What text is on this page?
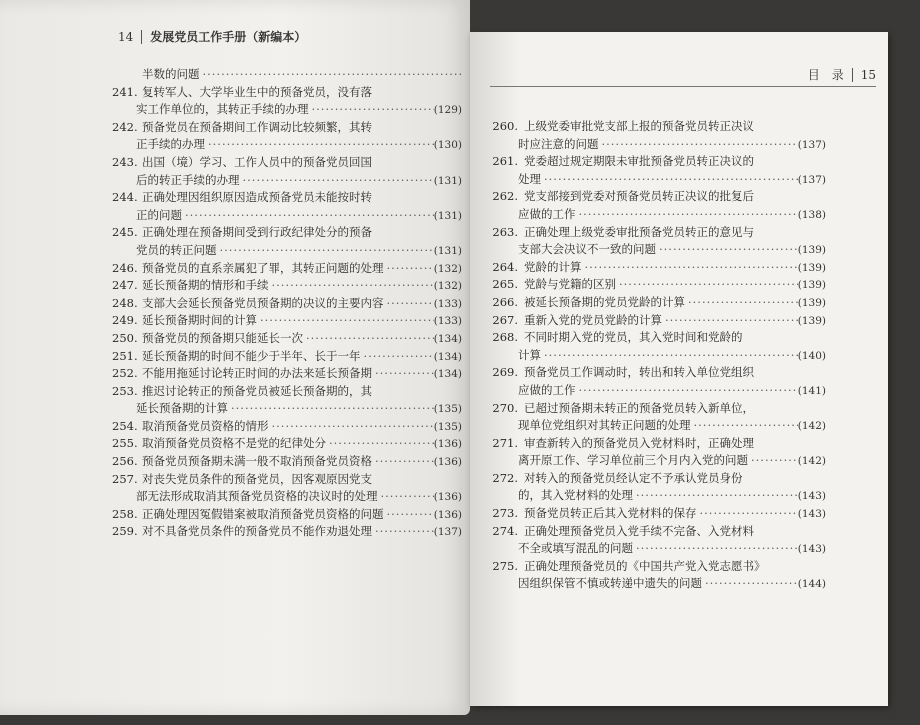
14 发展党员工作手册（新编本）
半数的问题
·····
241. 复转军人、大学毕业生中的预备党员，没有落
实工作单位的，其转正手续的办理 ·····	(129)
242. 预备党员在预备期间工作调动比较频繁，其转
正手续的办理 ·····	(130)
243. 出国（境）学习、工作人员中的预备党员回国
后的转正手续的办理 ·····	(131)
244. 正确处理因组织原因造成预备党员未能按时转
正的问题 ·····	(131)
245. 正确处理在预备期间受到行政纪律处分的预备
党员的转正问题 ·····	(131)
246. 预备党员的直系亲属犯了罪，其转正问题的处理 ·····	(132)
247. 延长预备期的情形和手续 ·····	(132)
248. 支部大会延长预备党员预备期的决议的主要内容 ·····	(133)
249. 延长预备期时间的计算 ·····	(133)
250. 预备党员的预备期只能延长一次 ·····	(134)
251. 延长预备期的时间不能少于半年、长于一年 ·····	(134)
252. 不能用拖延讨论转正时间的办法来延长预备期 ·····	(134)
253. 推迟讨论转正的预备党员被延长预备期的，其
延长预备期的计算 ·····	(135)
254. 取消预备党员资格的情形 ·····	(135)
255. 取消预备党员资格不是党的纪律处分 ·····	(136)
256. 预备党员预备期未满一般不取消预备党员资格 ·····	(136)
257. 对丧失党员条件的预备党员，因客观原因党支
部无法形成取消其预备党员资格的决议时的处理 ·····	(136)
258. 正确处理因冤假错案被取消预备党员资格的问题 ·····	(136)
259. 对不具备党员条件的预备党员不能作劝退处理 ·····	(137)
目　录 15
260. 上级党委审批党支部上报的预备党员转正决议
时应注意的问题 ·····	(137)
261. 党委超过规定期限未审批预备党员转正决议的
处理 ·····	(137)
262. 党支部接到党委对预备党员转正决议的批复后
应做的工作 ·····	(138)
263. 正确处理上级党委审批预备党员转正的意见与
支部大会决议不一致的问题 ·····	(139)
264. 党龄的计算 ·····	(139)
265. 党龄与党籍的区别 ·····	(139)
266. 被延长预备期的党员党龄的计算 ·····	(139)
267. 重新入党的党员党龄的计算 ·····	(139)
268. 不同时期入党的党员，其入党时间和党龄的
计算 ·····	(140)
269. 预备党员工作调动时，转出和转入单位党组织
应做的工作 ·····	(141)
270. 已超过预备期未转正的预备党员转入新单位，
现单位党组织对其转正问题的处理 ·····	(142)
271. 审查新转入的预备党员入党材料时，正确处理
离开原工作、学习单位前三个月内入党的问题 ·····	(142)
272. 对转入的预备党员经认定不予承认党员身份
的，其入党材料的处理 ·····	(143)
273. 预备党员转正后其入党材料的保存 ·····	(143)
274. 正确处理预备党员入党手续不完备、入党材料
不全或填写混乱的问题 ·····	(143)
275. 正确处理预备党员的《中国共产党入党志愿书》
因组织保管不慎或转递中遗失的问题 ·····	(144)
